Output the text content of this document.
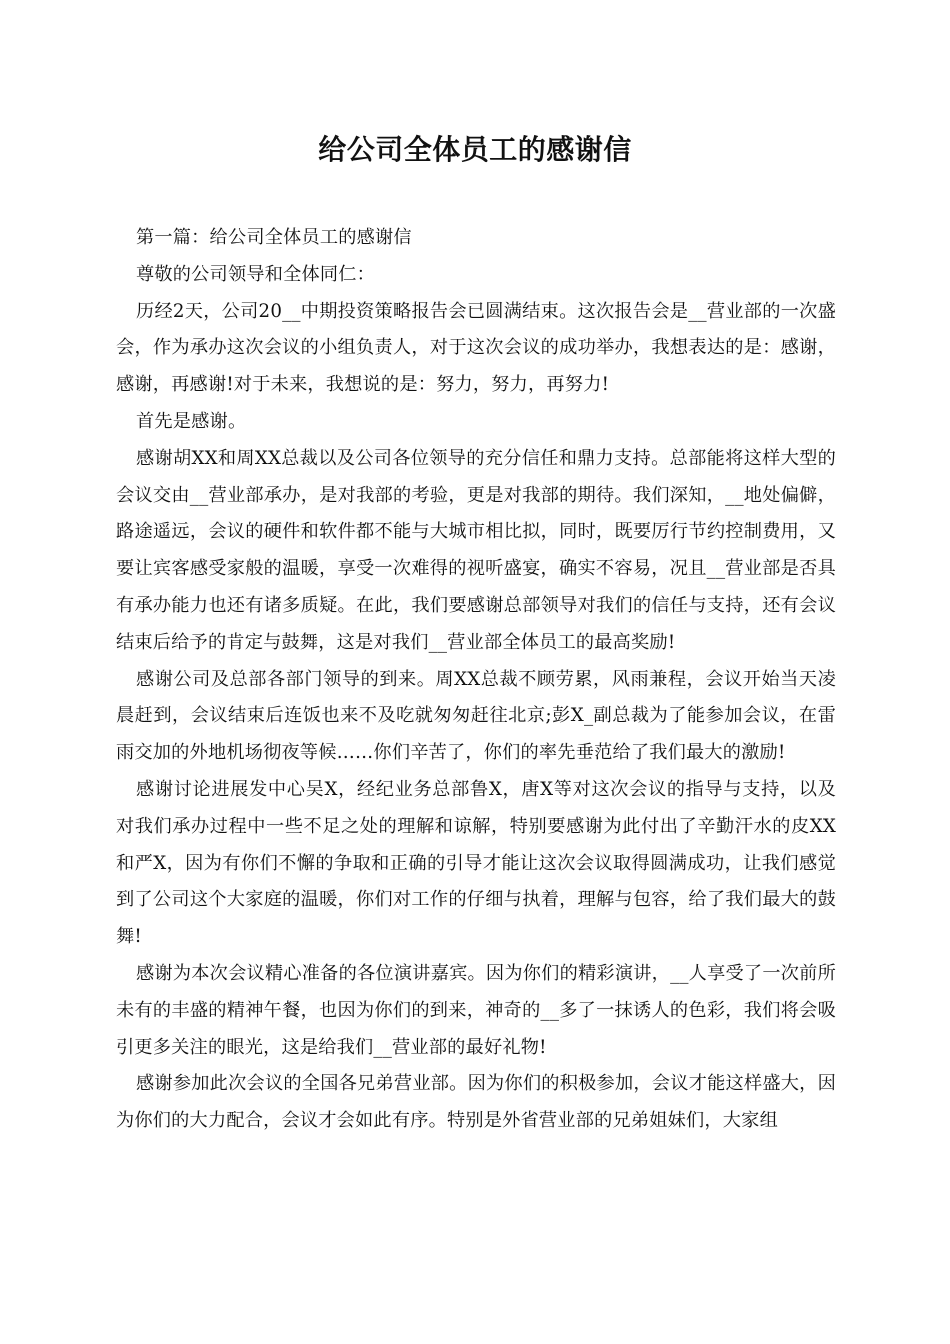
给公司全体员工的感谢信

第一篇：给公司全体员工的感谢信

尊敬的公司领导和全体同仁：

历经2天，公司20__中期投资策略报告会已圆满结束。这次报告会是__营业部的一次盛会，作为承办这次会议的小组负责人，对于这次会议的成功举办，我想表达的是：感谢，感谢，再感谢!对于未来，我想说的是：努力，努力，再努力!

首先是感谢。

感谢胡XX和周XX总裁以及公司各位领导的充分信任和鼎力支持。总部能将这样大型的会议交由__营业部承办，是对我部的考验，更是对我部的期待。我们深知，__地处偏僻，路途遥远，会议的硬件和软件都不能与大城市相比拟，同时，既要厉行节约控制费用，又要让宾客感受家般的温暖，享受一次难得的视听盛宴，确实不容易，况且__营业部是否具有承办能力也还有诸多质疑。在此，我们要感谢总部领导对我们的信任与支持，还有会议结束后给予的肯定与鼓舞，这是对我们__营业部全体员工的最高奖励!

感谢公司及总部各部门领导的到来。周XX总裁不顾劳累，风雨兼程，会议开始当天凌晨赶到，会议结束后连饭也来不及吃就匆匆赶往北京;彭X_副总裁为了能参加会议，在雷雨交加的外地机场彻夜等候……你们辛苦了，你们的率先垂范给了我们最大的激励!

感谢讨论进展发中心吴X，经纪业务总部鲁X，唐X等对这次会议的指导与支持，以及对我们承办过程中一些不足之处的理解和谅解，特别要感谢为此付出了辛勤汗水的皮XX和严X，因为有你们不懈的争取和正确的引导才能让这次会议取得圆满成功，让我们感觉到了公司这个大家庭的温暖，你们对工作的仔细与执着，理解与包容，给了我们最大的鼓舞!

感谢为本次会议精心准备的各位演讲嘉宾。因为你们的精彩演讲，__人享受了一次前所未有的丰盛的精神午餐，也因为你们的到来，神奇的__多了一抹诱人的色彩，我们将会吸引更多关注的眼光，这是给我们__营业部的最好礼物!

感谢参加此次会议的全国各兄弟营业部。因为你们的积极参加，会议才能这样盛大，因为你们的大力配合，会议才会如此有序。特别是外省营业部的兄弟姐妹们，大家组
